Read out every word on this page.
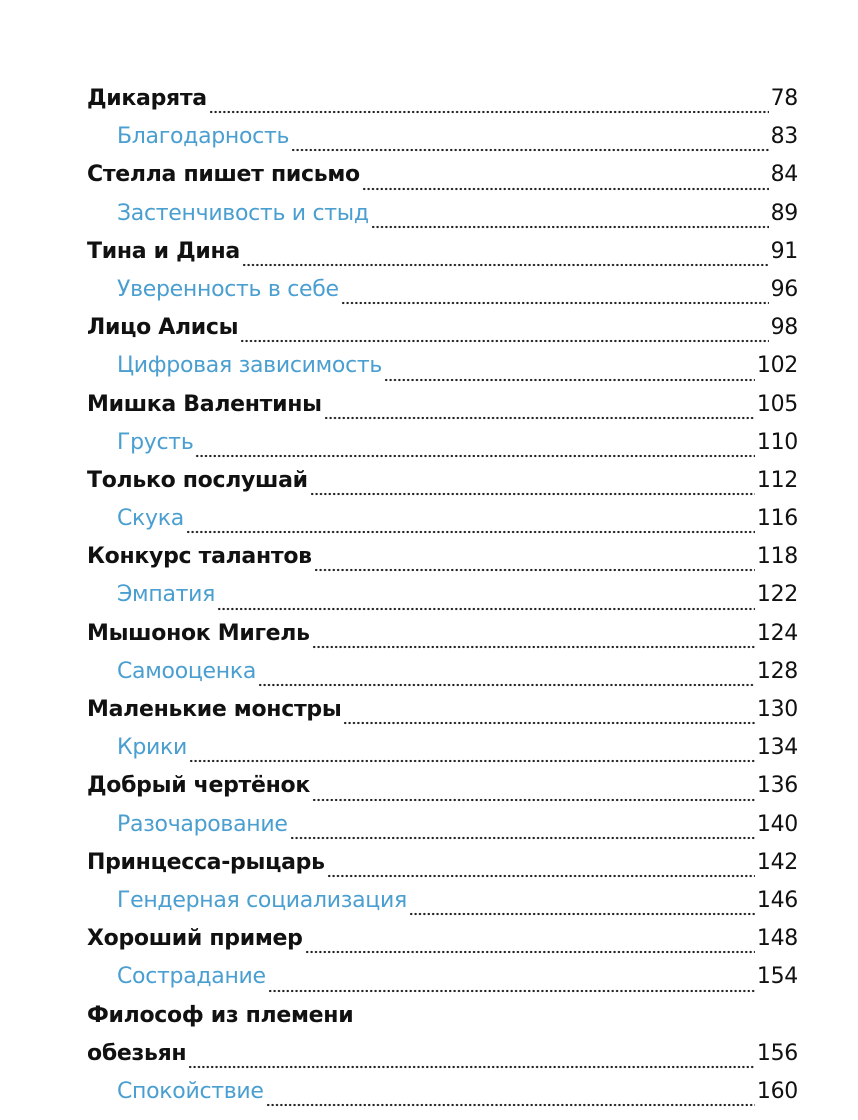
Дикарята	78
Благодарность	83
Стелла пишет письмо	84
Застенчивость и стыд	89
Тина и Дина	91
Уверенность в себе	96
Лицо Алисы	98
Цифровая зависимость	102
Мишка Валентины	105
Грусть	110
Только послушай	112
Скука	116
Конкурс талантов	118
Эмпатия	122
Мышонок Мигель	124
Самооценка	128
Маленькие монстры	130
Крики	134
Добрый чертёнок	136
Разочарование	140
Принцесса-рыцарь	142
Гендерная социализация	146
Хороший пример	148
Сострадание	154
Философ из племени
обезьян	156
Спокойствие	160
